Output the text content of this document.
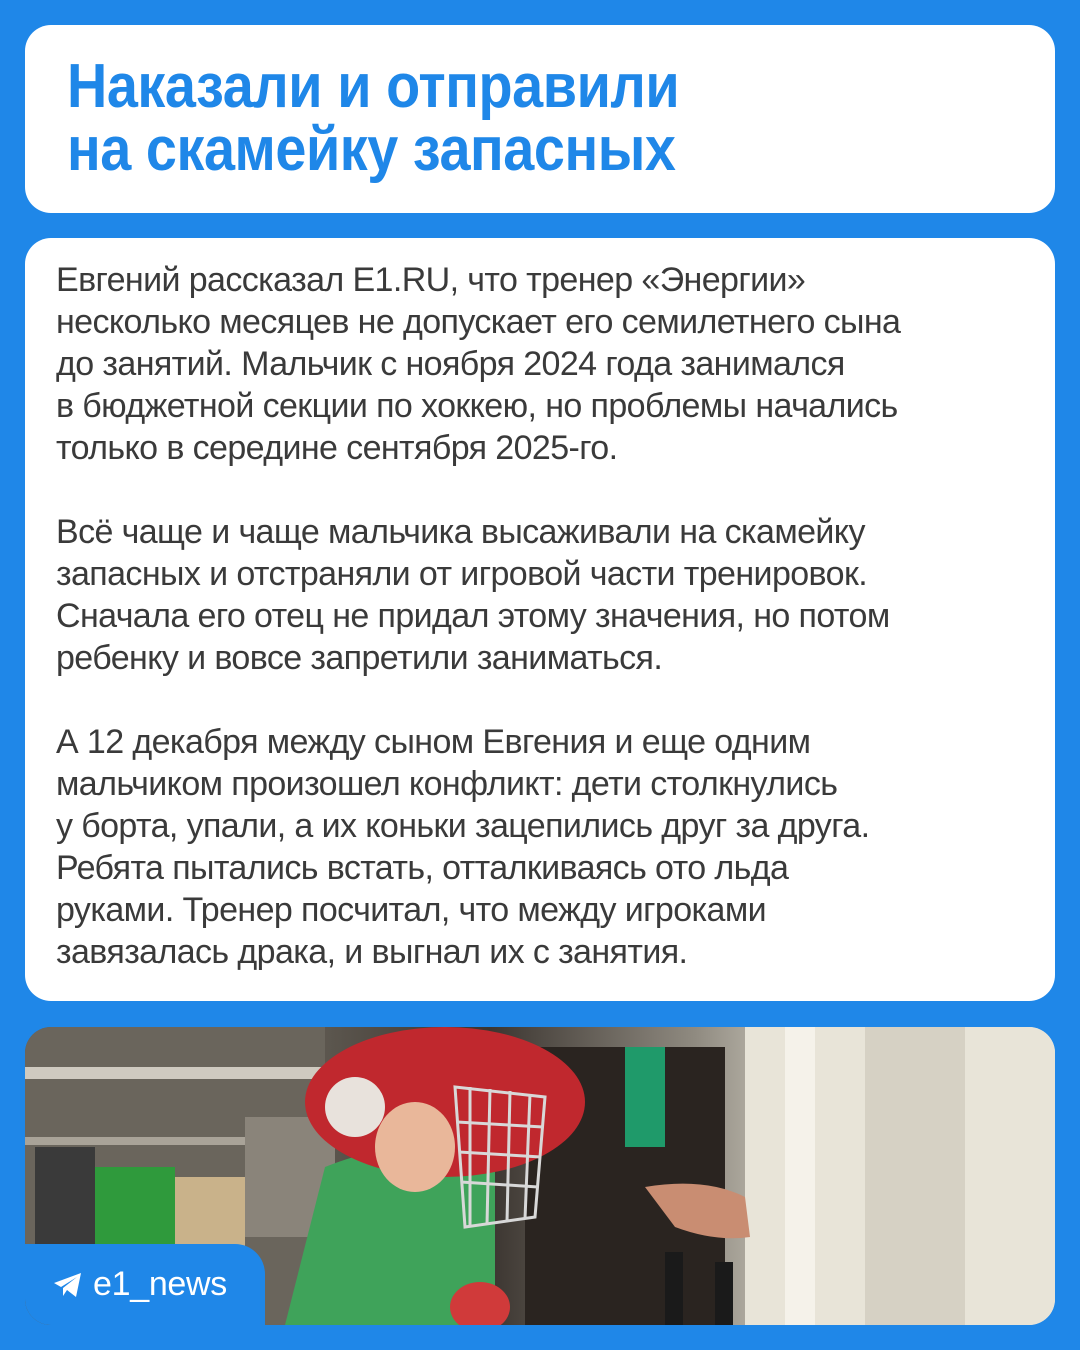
Наказали и отправили
на скамейку запасных
Евгений рассказал E1.RU, что тренер «Энергии»
несколько месяцев не допускает его семилетнего сына
до занятий. Мальчик с ноября 2024 года занимался
в бюджетной секции по хоккею, но проблемы начались
только в середине сентября 2025-го.
Всё чаще и чаще мальчика высаживали на скамейку
запасных и отстраняли от игровой части тренировок.
Сначала его отец не придал этому значения, но потом
ребенку и вовсе запретили заниматься.
А 12 декабря между сыном Евгения и еще одним
мальчиком произошел конфликт: дети столкнулись
у борта, упали, а их коньки зацепились друг за друга.
Ребята пытались встать, отталкиваясь ото льда
руками. Тренер посчитал, что между игроками
завязалась драка, и выгнал их с занятия.
e1_news
